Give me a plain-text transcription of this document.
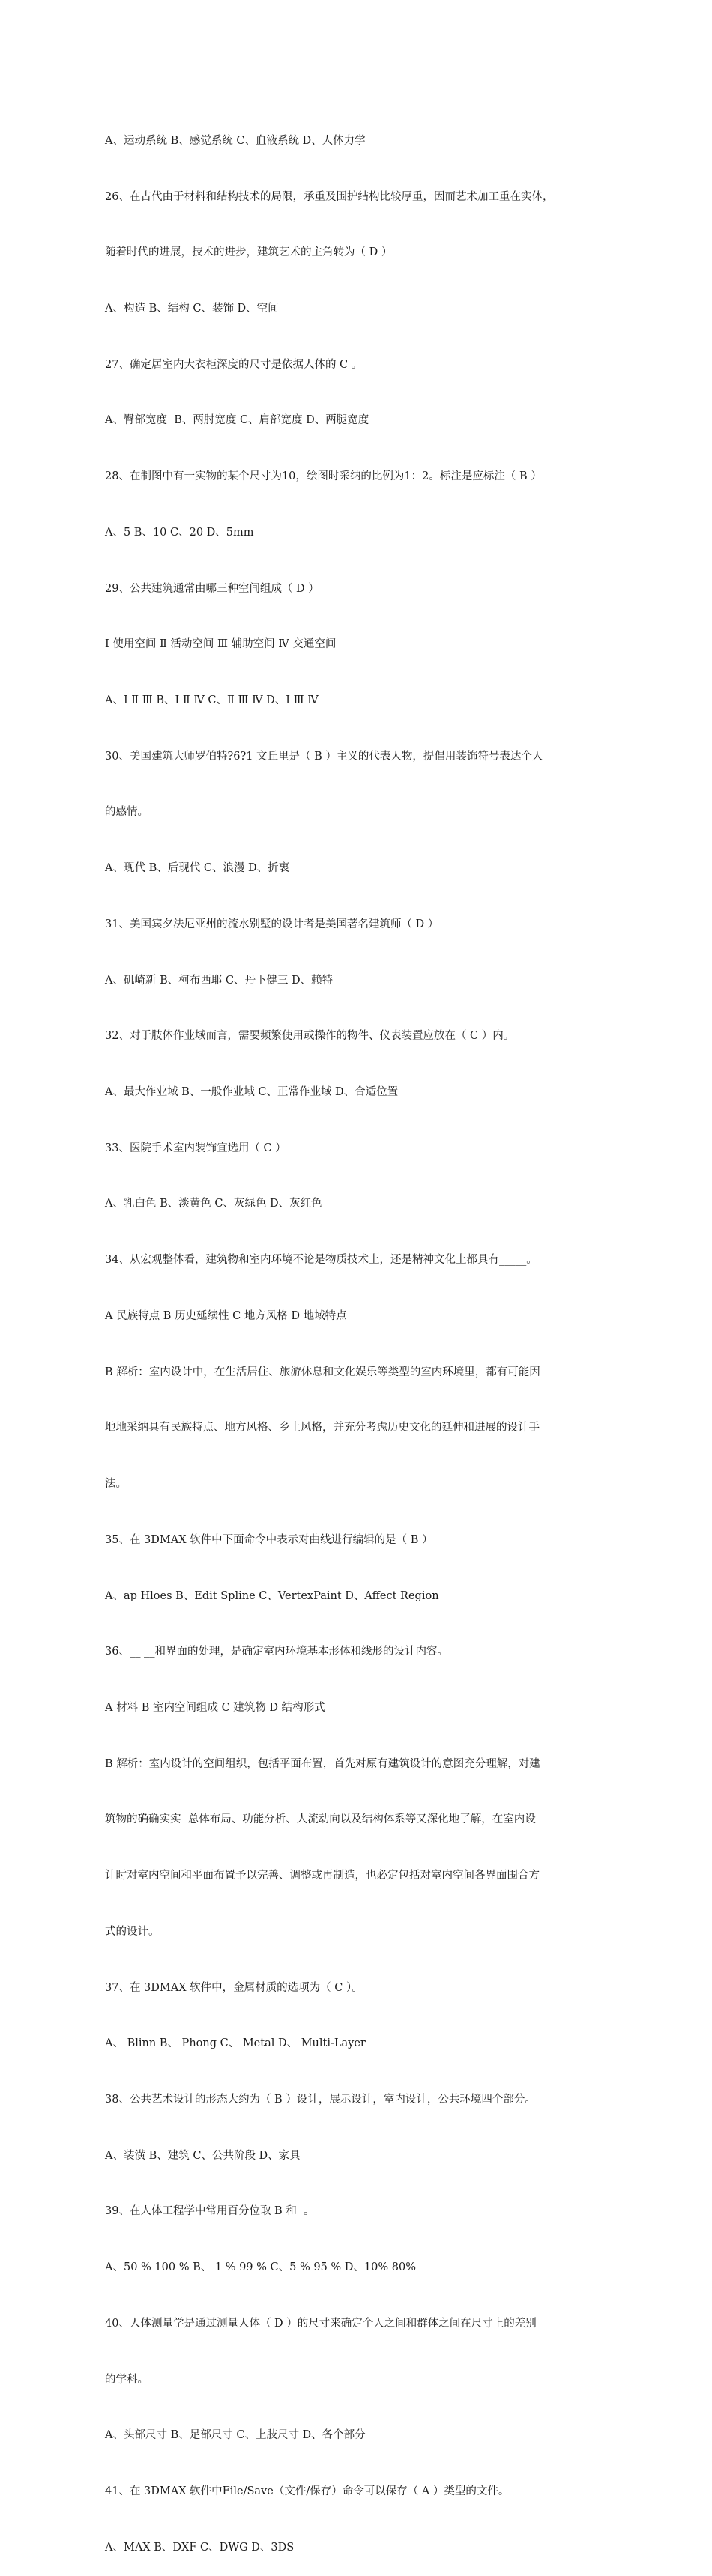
A、运动系统 B、感觉系统 C、血液系统 D、人体力学

26、在古代由于材料和结构技术的局限，承重及围护结构比较厚重，因而艺术加工重在实体，

随着时代的进展，技术的进步，建筑艺术的主角转为（ D ）

A、构造 B、结构 C、装饰 D、空间

27、确定居室内大衣柜深度的尺寸是依据人体的 C 。

A、臀部宽度  B、两肘宽度 C、肩部宽度 D、两腿宽度

28、在制图中有一实物的某个尺寸为10，绘图时采纳的比例为1：2。标注是应标注（ B ）

A、5 B、10 C、20 D、5mm

29、公共建筑通常由哪三种空间组成（ D ）

Ⅰ 使用空间 Ⅱ 活动空间 Ⅲ 辅助空间 Ⅳ 交通空间

A、Ⅰ Ⅱ Ⅲ B、Ⅰ Ⅱ Ⅳ C、Ⅱ Ⅲ Ⅳ D、Ⅰ Ⅲ Ⅳ

30、美国建筑大师罗伯特?6?1 文丘里是（ B ）主义的代表人物，提倡用装饰符号表达个人

的感情。

A、现代 B、后现代 C、浪漫 D、折衷

31、美国宾夕法尼亚州的流水别墅的设计者是美国著名建筑师（ D ）

A、矶崎新 B、柯布西耶 C、丹下健三 D、赖特

32、对于肢体作业域而言，需要频繁使用或操作的物件、仪表装置应放在（ C ）内。

A、最大作业域 B、一般作业域 C、正常作业域 D、合适位置

33、医院手术室内装饰宜选用（ C ）

A、乳白色 B、淡黄色 C、灰绿色 D、灰红色

34、从宏观整体看，建筑物和室内环境不论是物质技术上，还是精神文化上都具有_____。

A 民族特点 B 历史延续性 C 地方风格 D 地域特点

B 解析：室内设计中，在生活居住、旅游休息和文化娱乐等类型的室内环境里，都有可能因

地地采纳具有民族特点、地方风格、乡土风格，并充分考虑历史文化的延伸和进展的设计手

法。

35、在 3DMAX 软件中下面命令中表示对曲线进行编辑的是（ B ）

A、ap Hloes B、Edit Spline C、VertexPaint D、Affect Region

36、__ __和界面的处理，是确定室内环境基本形体和线形的设计内容。

A 材料 B 室内空间组成 C 建筑物 D 结构形式

B 解析：室内设计的空间组织，包括平面布置，首先对原有建筑设计的意图充分理解，对建

筑物的确确实实  总体布局、功能分析、人流动向以及结构体系等又深化地了解，在室内设

计时对室内空间和平面布置予以完善、调整或再制造，也必定包括对室内空间各界面围合方

式的设计。

37、在 3DMAX 软件中，金属材质的选项为（ C ）。

A、 Blinn B、 Phong C、 Metal D、 Multi-Layer

38、公共艺术设计的形态大约为（ B ）设计，展示设计，室内设计，公共环境四个部分。

A、装潢 B、建筑 C、公共阶段 D、家具

39、在人体工程学中常用百分位取 B 和  。

A、50 % 100 % B、 1 % 99 % C、5 % 95 % D、10% 80%

40、人体测量学是通过测量人体（ D ）的尺寸来确定个人之间和群体之间在尺寸上的差别

的学科。

A、头部尺寸 B、足部尺寸 C、上肢尺寸 D、各个部分

41、在 3DMAX 软件中File/Save（文件/保存）命令可以保存（ A ）类型的文件。

A、MAX B、DXF C、DWG D、3DS
